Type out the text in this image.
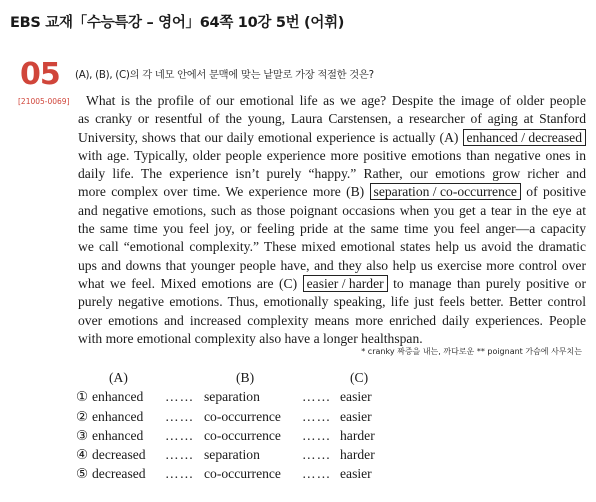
EBS 교재「수능특강 – 영어」64쪽 10강 5번 (어휘)
05
[21005-0069]
(A), (B), (C)의 각 네모 안에서 문맥에 맞는 낱말로 가장 적절한 것은?
What is the profile of our emotional life as we age? Despite the image of older people
as cranky or resentful of the young, Laura Carstensen, a researcher of aging at Stanford
University, shows that our daily emotional experience is actually (A) enhanced / decreased
with age. Typically, older people experience more positive emotions than negative ones in
daily life. The experience isn’t purely “happy.” Rather, our emotions grow richer and
more complex over time. We experience more (B) separation / co-occurrence of positive
and negative emotions, such as those poignant occasions when you get a tear in the eye at
the same time you feel joy, or feeling pride at the same time you feel anger—a capacity
we call “emotional complexity.” These mixed emotional states help us avoid the dramatic
ups and downs that younger people have, and they also help us exercise more control over
what we feel. Mixed emotions are (C) easier / harder to manage than purely positive or
purely negative emotions. Thus, emotionally speaking, life just feels better. Better control
over emotions and increased complexity means more enriched daily experiences. People
with more emotional complexity also have a longer healthspan.
* cranky 짜증을 내는, 까다로운 ** poignant 가슴에 사무치는
(A)	(B)	(C)
① enhanced …… separation	…… easier
② enhanced …… co-occurrence …… easier
③ enhanced …… co-occurrence …… harder
④ decreased …… separation	…… harder
⑤ decreased …… co-occurrence …… easier
